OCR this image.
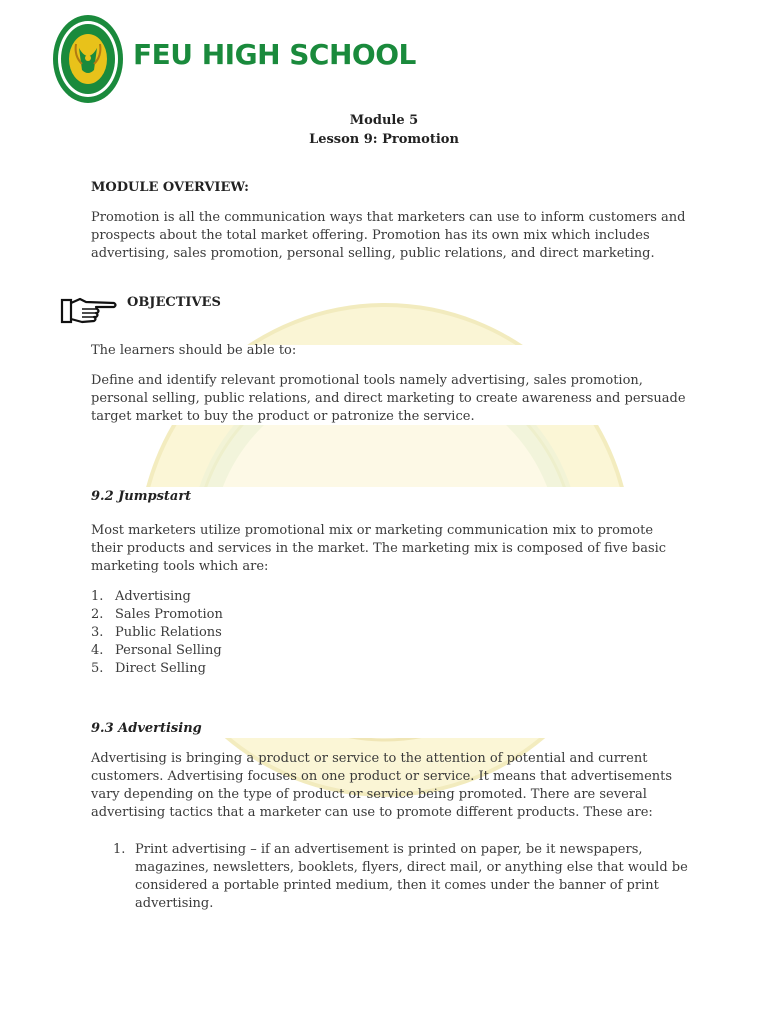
FEU HIGH SCHOOL
Module 5
Lesson 9: Promotion
MODULE OVERVIEW:
Promotion is all the communication ways that marketers can use to inform customers and
prospects about the total market offering. Promotion has its own mix which includes
advertising, sales promotion, personal selling, public relations, and direct marketing.
OBJECTIVES
The learners should be able to:
Define and identify relevant promotional tools namely advertising, sales promotion,
personal selling, public relations, and direct marketing to create awareness and persuade
target market to buy the product or patronize the service.
9.2 Jumpstart
Most marketers utilize promotional mix or marketing communication mix to promote
their products and services in the market. The marketing mix is composed of five basic
marketing tools which are:
1. Advertising
2. Sales Promotion
3. Public Relations
4. Personal Selling
5. Direct Selling
9.3 Advertising
Advertising is bringing a product or service to the attention of potential and current
customers. Advertising focuses on one product or service. It means that advertisements
vary depending on the type of product or service being promoted. There are several
advertising tactics that a marketer can use to promote different products. These are:
1. Print advertising – if an advertisement is printed on paper, be it newspapers,
magazines, newsletters, booklets, flyers, direct mail, or anything else that would be
considered a portable printed medium, then it comes under the banner of print
advertising.
